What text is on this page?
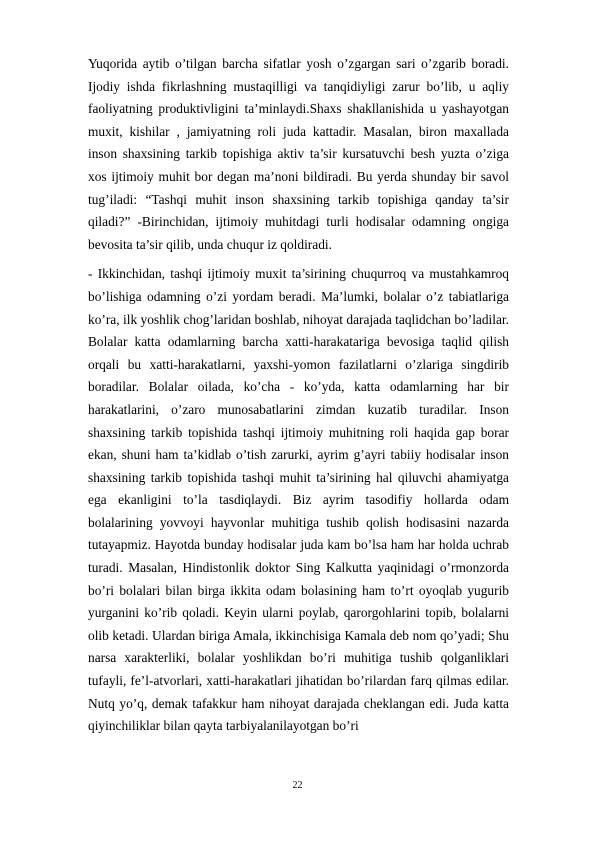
Yuqorida aytib o’tilgan barcha sifatlar yosh o’zgargan sari o’zgarib boradi. Ijodiy ishda fikrlashning mustaqilligi va tanqidiyligi zarur bo’lib, u aqliy faoliyatning produktivligini ta’minlaydi.Shaxs shakllanishida u yashayotgan muxit, kishilar , jamiyatning roli juda kattadir. Masalan, biron maxallada inson shaxsining tarkib topishiga aktiv ta’sir kursatuvchi besh yuzta o’ziga xos ijtimoiy muhit bor degan ma’noni bildiradi. Bu yerda shunday bir savol tug’iladi: “Tashqi muhit inson shaxsining tarkib topishiga qanday ta’sir qiladi?” -Birinchidan, ijtimoiy muhitdagi turli hodisalar odamning ongiga bevosita ta’sir qilib, unda chuqur iz qoldiradi.

- Ikkinchidan, tashqi ijtimoiy muxit ta’sirining chuqurroq va mustahkamroq bo’lishiga odamning o’zi yordam beradi. Ma’lumki, bolalar o’z tabiatlariga ko’ra, ilk yoshlik chog’laridan boshlab, nihoyat darajada taqlidchan bo’ladilar. Bolalar katta odamlarning barcha xatti-harakatariga bevosiga taqlid qilish orqali bu xatti-harakatlarni, yaxshi-yomon fazilatlarni o’zlariga singdirib boradilar. Bolalar oilada, ko’cha - ko’yda, katta odamlarning har bir harakatlarini, o’zaro munosabatlarini zimdan kuzatib turadilar. Inson shaxsining tarkib topishida tashqi ijtimoiy muhitning roli haqida gap borar ekan, shuni ham ta’kidlab o’tish zarurki, ayrim g’ayri tabiiy hodisalar inson shaxsining tarkib topishida tashqi muhit ta’sirining hal qiluvchi ahamiyatga ega ekanligini to’la tasdiqlaydi. Biz ayrim tasodifiy hollarda odam bolalarining yovvoyi hayvonlar muhitiga tushib qolish hodisasini nazarda tutayapmiz. Hayotda bunday hodisalar juda kam bo’lsa ham har holda uchrab turadi. Masalan, Hindistonlik doktor Sing Kalkutta yaqinidagi o’rmonzorda bo’ri bolalari bilan birga ikkita odam bolasining ham to’rt oyoqlab yugurib yurganini ko’rib qoladi. Keyin ularni poylab, qarorgohlarini topib, bolalarni olib ketadi. Ulardan biriga Amala, ikkinchisiga Kamala deb nom qo’yadi; Shu narsa xarakterliki, bolalar yoshlikdan bo’ri muhitiga tushib qolganliklari tufayli, fe’l-atvorlari, xatti-harakatlari jihatidan bo’rilardan farq qilmas edilar. Nutq yo’q, demak tafakkur ham nihoyat darajada cheklangan edi. Juda katta qiyinchiliklar bilan qayta tarbiyalanilayotgan bo’ri

22
